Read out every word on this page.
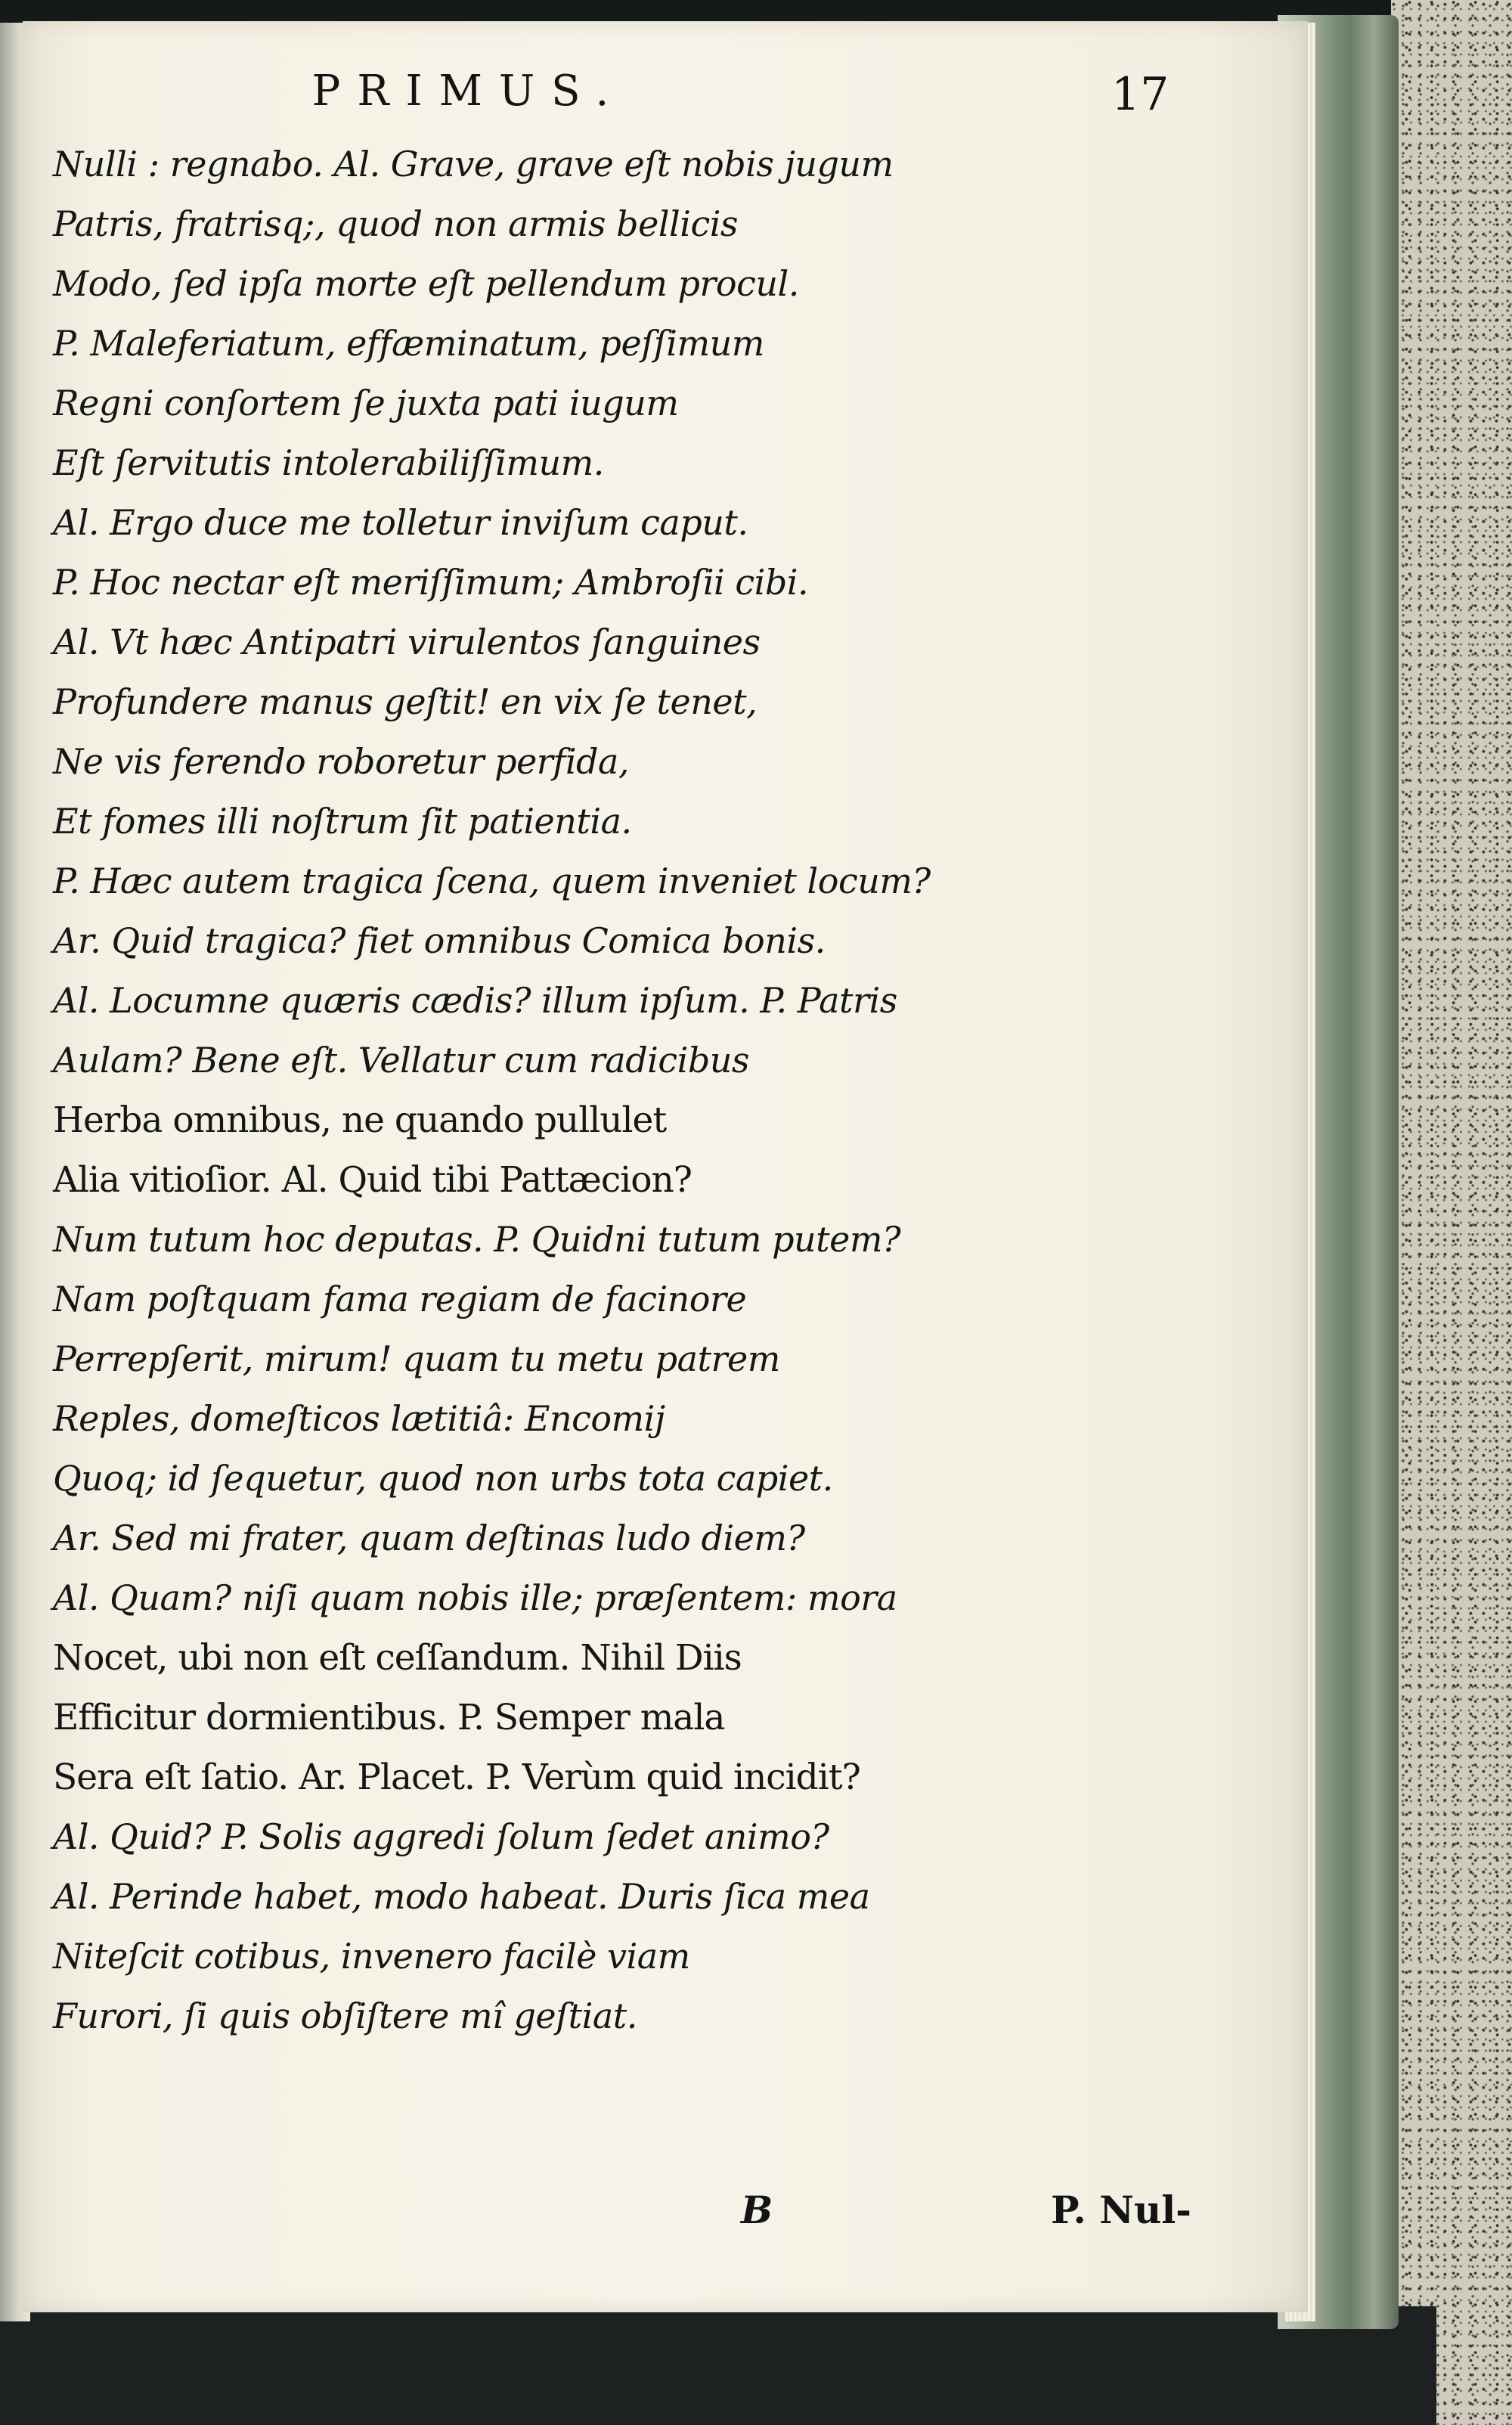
PRIMUS.	17
Nulli : regnabo. Al. Grave, grave eſt nobis jugum
Patris, fratrisq;, quod non armis bellicis
Modo, ſed ipſa morte eſt pellendum procul.
P. Maleferiatum, effæminatum, peſſimum
Regni conſortem ſe juxta pati iugum
Eſt ſervitutis intolerabiliſſimum.
Al. Ergo duce me tolletur inviſum caput.
P. Hoc nectar eſt meriſſimum; Ambroſii cibi.
Al. Vt hæc Antipatri virulentos ſanguines
Profundere manus geſtit! en vix ſe tenet,
Ne vis ferendo roboretur perfida,
Et fomes illi noſtrum ſit patientia.
P. Hæc autem tragica ſcena, quem inveniet locum?
Ar. Quid tragica? fiet omnibus Comica bonis.
Al. Locumne quæris cædis? illum ipſum. P. Patris
Aulam? Bene eſt. Vellatur cum radicibus
Herba omnibus, ne quando pullulet
Alia vitioſior. Al. Quid tibi Pattæcion?
Num tutum hoc deputas. P. Quidni tutum putem?
Nam poſtquam fama regiam de facinore
Perrepſerit, mirum! quam tu metu patrem
Reples, domeſticos lætitiâ: Encomij
Quoq; id ſequetur, quod non urbs tota capiet.
Ar. Sed mi frater, quam deſtinas ludo diem?
Al. Quam? niſi quam nobis ille; præſentem: mora
Nocet, ubi non eſt ceſſandum. Nihil Diis
Efficitur dormientibus. P. Semper mala
Sera eſt ſatio. Ar. Placet. P. Verùm quid incidit?
Al. Quid? P. Solis aggredi ſolum ſedet animo?
Al. Perinde habet, modo habeat. Duris ſica mea
Niteſcit cotibus, invenero facilè viam
Furori, ſi quis obſiſtere mî geſtiat.
B	P. Nul-
